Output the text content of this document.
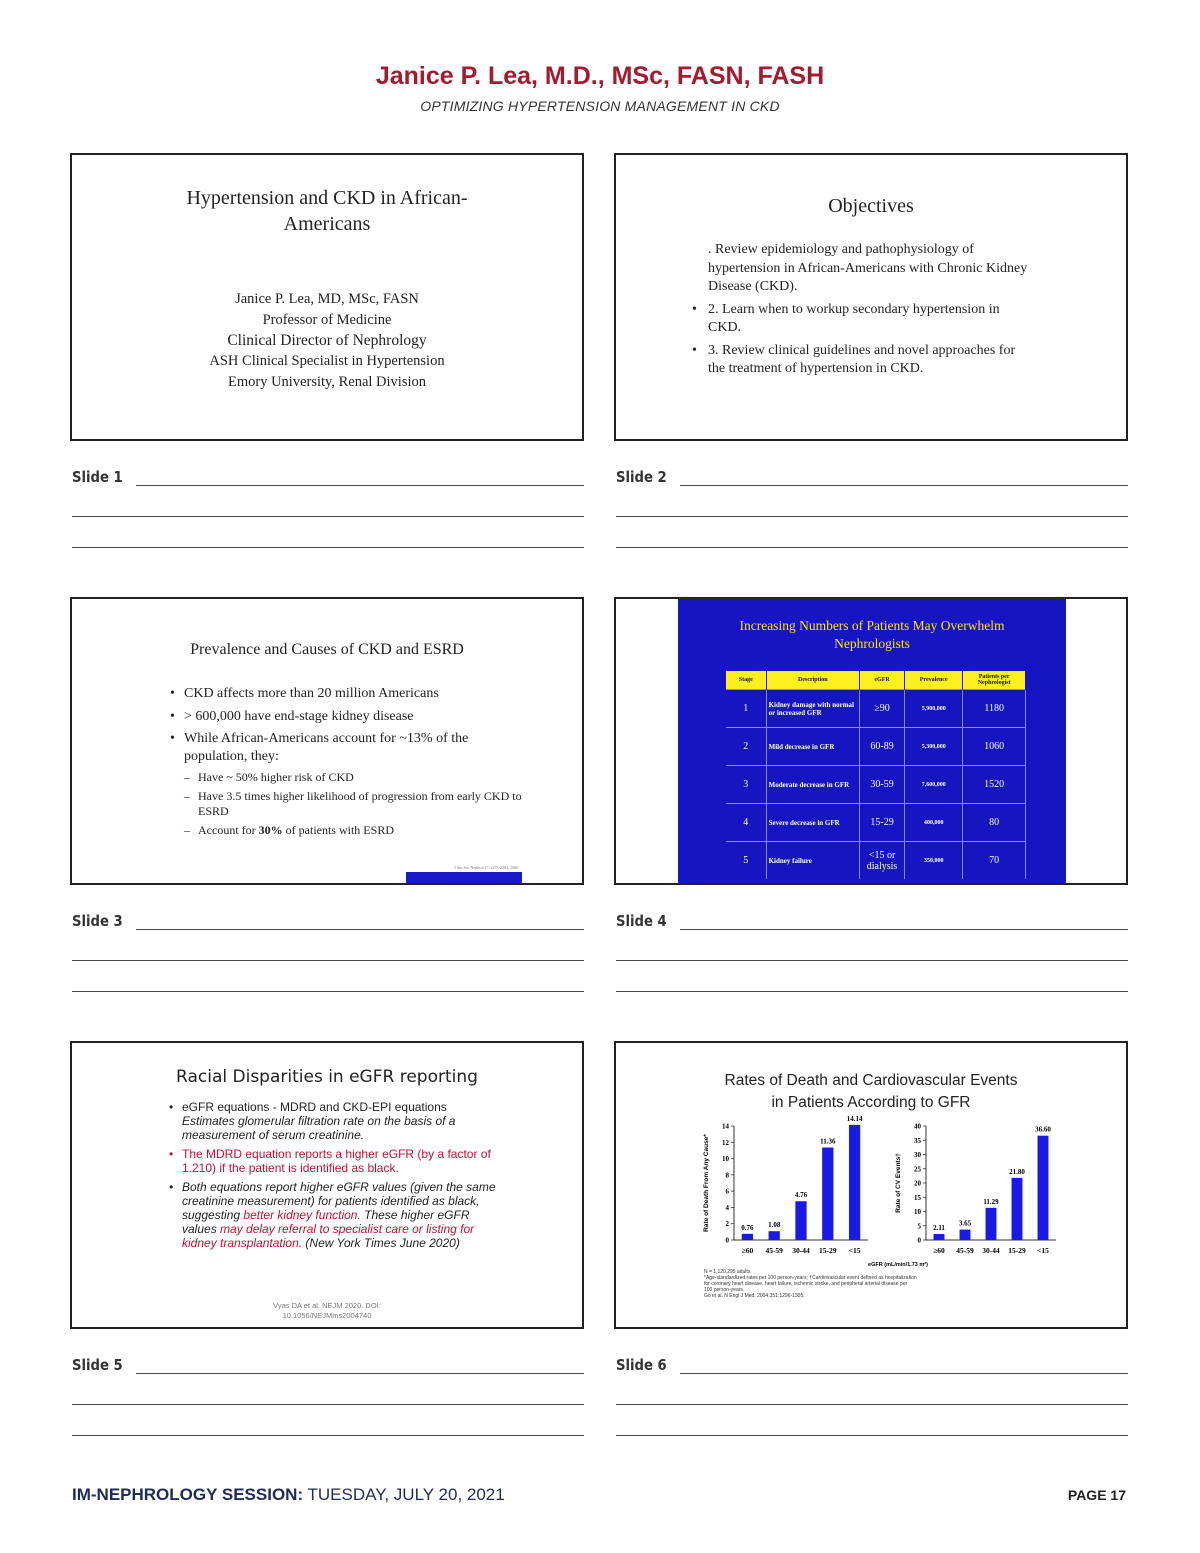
Janice P. Lea, M.D., MSc, FASN, FASH
OPTIMIZING HYPERTENSION MANAGEMENT IN CKD
Hypertension and CKD in African-
Americans
Janice P. Lea, MD, MSc, FASN
Professor of Medicine
Clinical Director of Nephrology
ASH Clinical Specialist in Hypertension
Emory University, Renal Division
Slide 1
Objectives
. Review epidemiology and pathophysiology of hypertension in African-Americans with Chronic Kidney Disease (CKD).
• 2. Learn when to workup secondary hypertension in CKD.
• 3. Review clinical guidelines and novel approaches for the treatment of hypertension in CKD.
Slide 2
Prevalence and Causes of CKD and ESRD
• CKD affects more than 20 million Americans
• > 600,000 have end-stage kidney disease
• While African-Americans account for ~13% of the population, they:
– Have ~ 50% higher risk of CKD
– Have 3.5 times higher likelihood of progression from early CKD to ESRD
– Account for 30% of patients with ESRD
J Am Soc Nephrol 17: 2275-2284, 2006
Slide 3
Increasing Numbers of Patients May Overwhelm
Nephrologists
Stage	Description	eGFR	Prevalence	Patients per Nephrologist
1	Kidney damage with normal or increased GFR	≥90	5,900,000	1180
2	Mild decrease in GFR	60-89	5,300,000	1060
3	Moderate decrease in GFR	30-59	7,600,000	1520
4	Severe decrease in GFR	15-29	400,000	80
5	Kidney failure	<15 or dialysis	350,000	70
Slide 4
Racial Disparities in eGFR reporting
• eGFR equations - MDRD and CKD-EPI equations
Estimates glomerular filtration rate on the basis of a measurement of serum creatinine.
• The MDRD equation reports a higher eGFR (by a factor of 1.210) if the patient is identified as black.
• Both equations report higher eGFR values (given the same creatinine measurement) for patients identified as black, suggesting better kidney function. These higher eGFR values may delay referral to specialist care or listing for kidney transplantation. (New York Times June 2020)
Vyas DA et al. NEJM 2020. DOI:
10.1056/NEJMms2004740
Slide 5
Rates of Death and Cardiovascular Events
in Patients According to GFR
0
2
4
6
8
10
12
14
0.76
≥60
1.08
45-59
4.76
30-44
11.36
15-29
14.14
<15
Rate of Death From Any Cause*
0
5
10
15
20
25
30
35
40
2.11
≥60
3.65
45-59
11.29
30-44
21.80
15-29
36.60
<15
Rate of CV Events†
eGFR (mL/min/1.73 m²)
N = 1,120,295 adults.
*Age-standardized rates per 100 person-years; †Cardiovascular event defined as hospitalization
for coronary heart disease, heart failure, ischemic stroke, and peripheral arterial disease per
100 person-years.
Go et al. N Engl J Med. 2004;351:1296-1305.
Slide 6
IM-NEPHROLOGY SESSION: TUESDAY, JULY 20, 2021	PAGE 17
